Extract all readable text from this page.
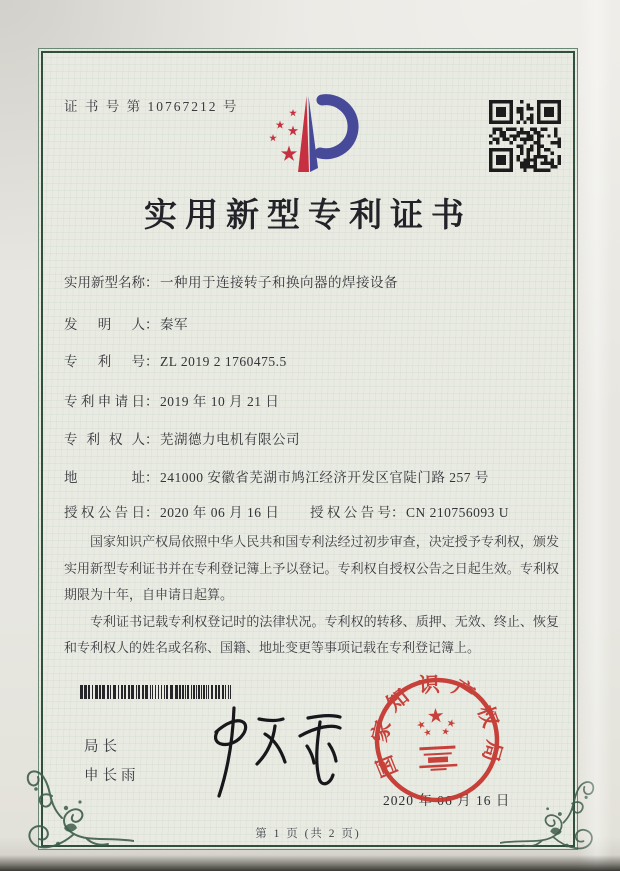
证 书 号 第 10767212 号
实用新型专利证书
实用新型名称： 一种用于连接转子和换向器的焊接设备
发明人： 秦军
专利号： ZL 2019 2 1760475.5
专利申请日： 2019 年 10 月 21 日
专利权人： 芜湖德力电机有限公司
地址： 241000 安徽省芜湖市鸠江经济开发区官陡门路 257 号
授权公告日： 2020 年 06 月 16 日 授权公告号： CN 210756093 U

国家知识产权局依照中华人民共和国专利法经过初步审查，决定授予专利权，颁发实用新型专利证书并在专利登记簿上予以登记。专利权自授权公告之日起生效。专利权期限为十年，自申请日起算。

专利证书记载专利权登记时的法律状况。专利权的转移、质押、无效、终止、恢复和专利权人的姓名或名称、国籍、地址变更等事项记载在专利登记簿上。

局长
申长雨
2020 年 06 月 16 日
国家知识产权局
第 1 页 (共 2 页)
